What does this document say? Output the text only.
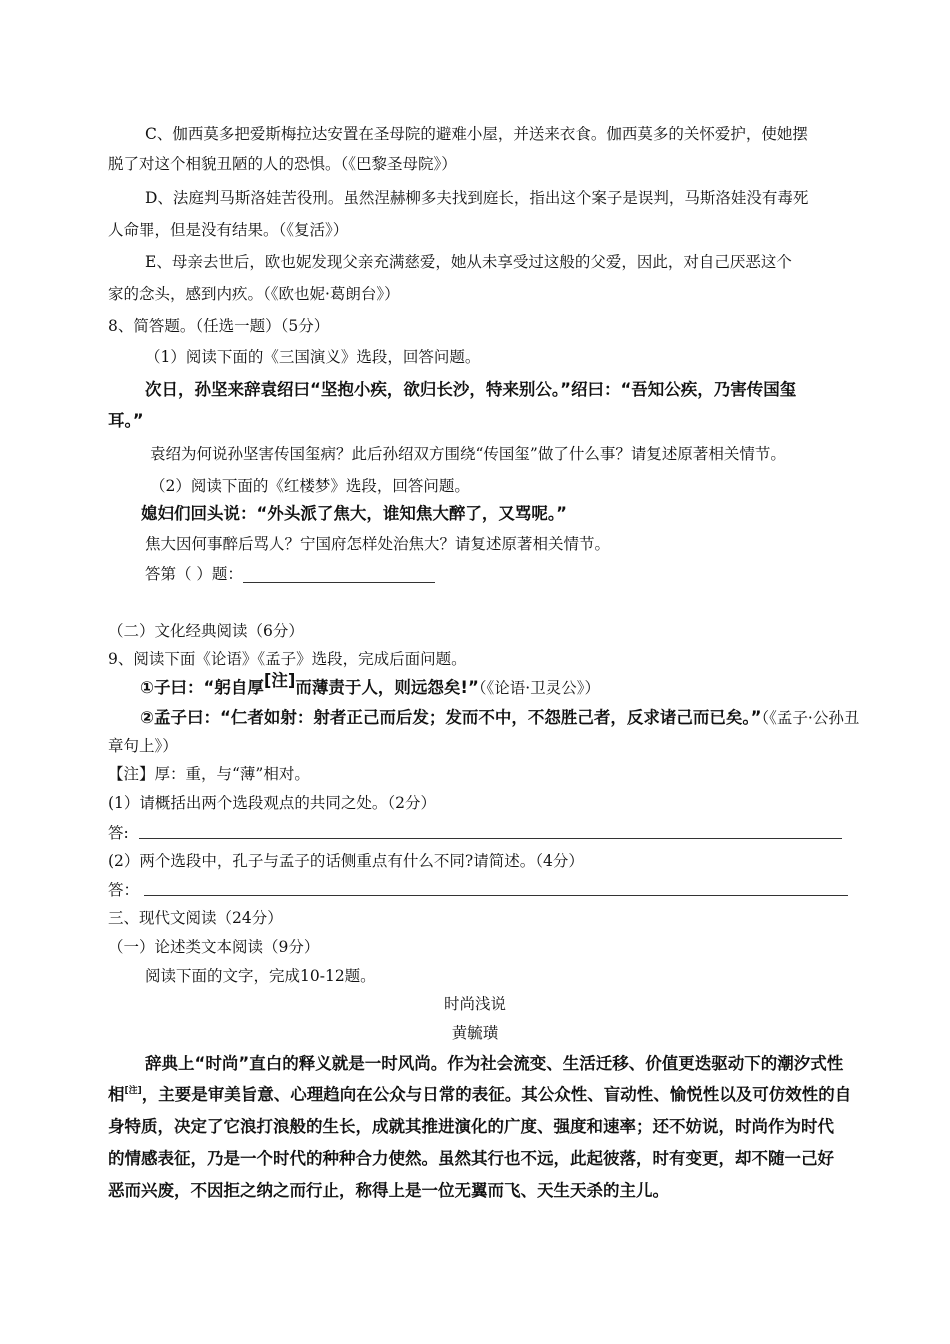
C、伽西莫多把爱斯梅拉达安置在圣母院的避难小屋，并送来衣食。伽西莫多的关怀爱护，使她摆
脱了对这个相貌丑陋的人的恐惧。（《巴黎圣母院》）
D、法庭判马斯洛娃苦役刑。虽然涅赫柳多夫找到庭长，指出这个案子是误判，马斯洛娃没有毒死
人命罪，但是没有结果。（《复活》）
E、母亲去世后，欧也妮发现父亲充满慈爱，她从未享受过这般的父爱，因此，对自己厌恶这个
家的念头，感到内疚。（《欧也妮·葛朗台》）
8、简答题。（任选一题）（5分）
（1）阅读下面的《三国演义》选段，回答问题。
次日，孙坚来辞袁绍曰“坚抱小疾，欲归长沙，特来别公。”绍曰：“吾知公疾，乃害传国玺
耳。”
袁绍为何说孙坚害传国玺病？此后孙绍双方围绕“传国玺”做了什么事？请复述原著相关情节。
（2）阅读下面的《红楼梦》选段，回答问题。
媳妇们回头说：“外头派了焦大，谁知焦大醉了，又骂呢。”
焦大因何事醉后骂人？宁国府怎样处治焦大？请复述原著相关情节。
答第（ ）题：
（二）文化经典阅读（6分）
9、阅读下面《论语》《孟子》选段，完成后面问题。
①子曰：“躬自厚[注]而薄责于人，则远怨矣!”（《论语·卫灵公》）
②孟子曰：“仁者如射：射者正己而后发；发而不中，不怨胜己者，反求诸己而已矣。”（《孟子·公孙丑
章句上》）
【注】厚：重，与“薄”相对。
(1）请概括出两个选段观点的共同之处。（2分）
答:
(2）两个选段中，孔子与孟子的话侧重点有什么不同?请简述。（4分）
答：
三、现代文阅读（24分）
（一）论述类文本阅读（9分）
阅读下面的文字，完成10-12题。
时尚浅说
黄毓璜
辞典上“时尚”直白的释义就是一时风尚。作为社会流变、生活迁移、价值更迭驱动下的潮汐式性
相[注]，主要是审美旨意、心理趋向在公众与日常的表征。其公众性、盲动性、愉悦性以及可仿效性的自
身特质，决定了它浪打浪般的生长，成就其推进演化的广度、强度和速率；还不妨说，时尚作为时代
的情感表征，乃是一个时代的种种合力使然。虽然其行也不远，此起彼落，时有变更，却不随一己好
恶而兴废，不因拒之纳之而行止，称得上是一位无翼而飞、天生天杀的主儿。
